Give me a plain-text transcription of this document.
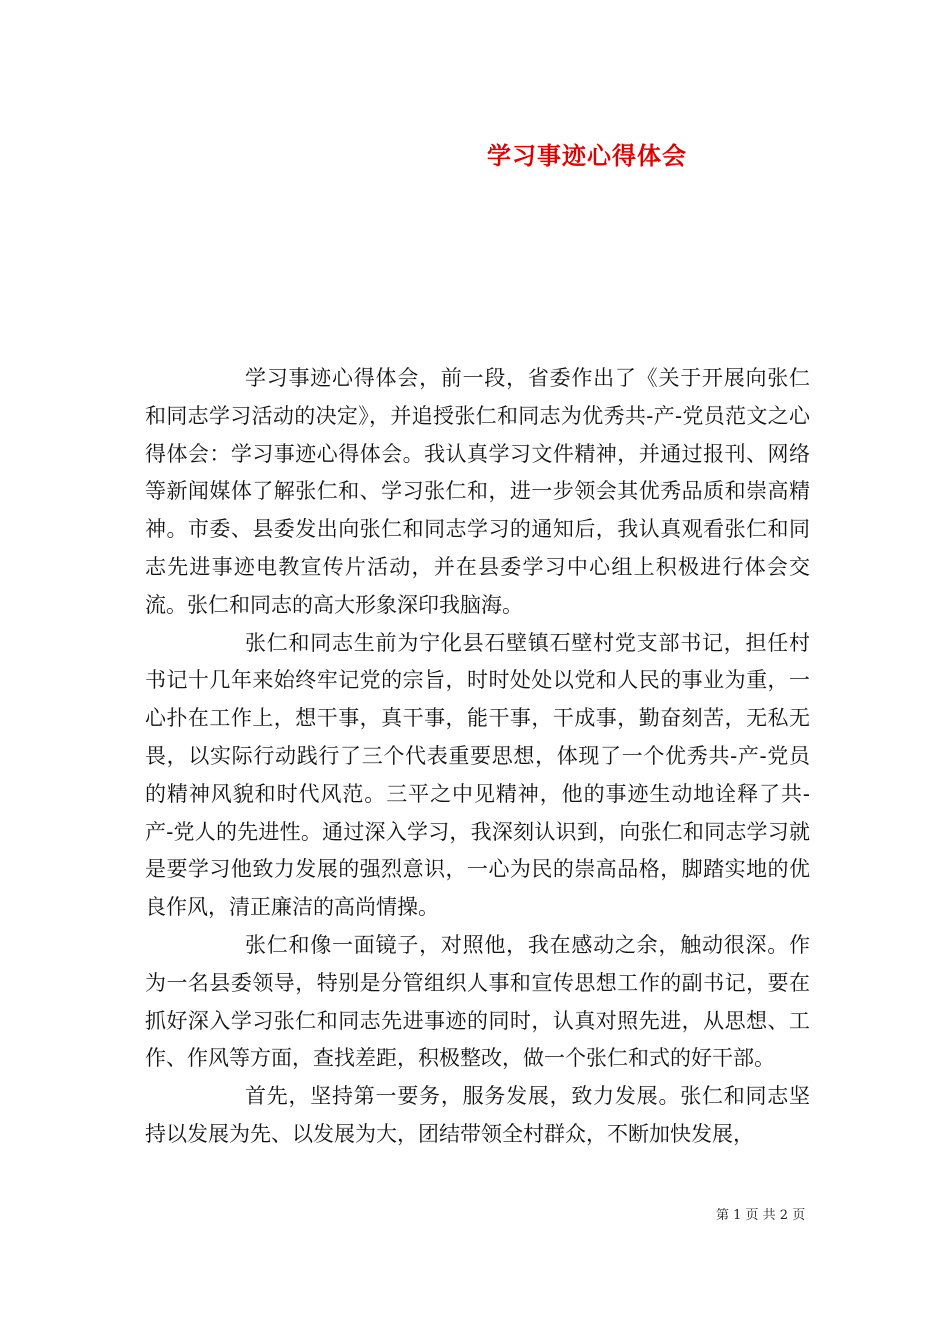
学习事迹心得体会

学习事迹心得体会，前一段，省委作出了《关于开展向张仁和同志学习活动的决定》，并追授张仁和同志为优秀共-产-党员范文之心得体会：学习事迹心得体会。我认真学习文件精神，并通过报刊、网络等新闻媒体了解张仁和、学习张仁和，进一步领会其优秀品质和崇高精神。市委、县委发出向张仁和同志学习的通知后，我认真观看张仁和同志先进事迹电教宣传片活动，并在县委学习中心组上积极进行体会交流。张仁和同志的高大形象深印我脑海。

张仁和同志生前为宁化县石壁镇石壁村党支部书记，担任村书记十几年来始终牢记党的宗旨，时时处处以党和人民的事业为重，一心扑在工作上，想干事，真干事，能干事，干成事，勤奋刻苦，无私无畏，以实际行动践行了三个代表重要思想，体现了一个优秀共-产-党员的精神风貌和时代风范。三平之中见精神，他的事迹生动地诠释了共-产-党人的先进性。通过深入学习，我深刻认识到，向张仁和同志学习就是要学习他致力发展的强烈意识，一心为民的崇高品格，脚踏实地的优良作风，清正廉洁的高尚情操。

张仁和像一面镜子，对照他，我在感动之余，触动很深。作为一名县委领导，特别是分管组织人事和宣传思想工作的副书记，要在抓好深入学习张仁和同志先进事迹的同时，认真对照先进，从思想、工作、作风等方面，查找差距，积极整改，做一个张仁和式的好干部。

首先，坚持第一要务，服务发展，致力发展。张仁和同志坚持以发展为先、以发展为大，团结带领全村群众，不断加快发展，

第 1 页 共 2 页
